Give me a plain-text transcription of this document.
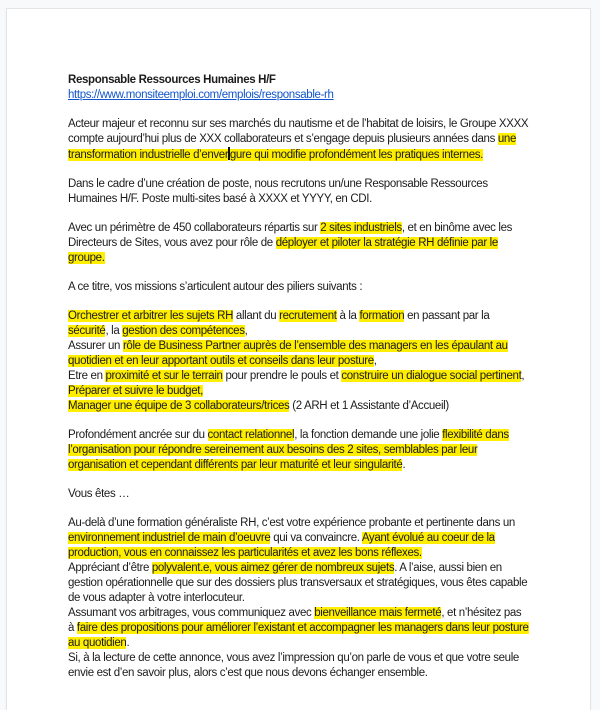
Responsable Ressources Humaines H/F

https://www.monsiteemploi.com/emplois/responsable-rh

Acteur majeur et reconnu sur ses marchés du nautisme et de l’habitat de loisirs, le Groupe XXXX compte aujourd’hui plus de XXX collaborateurs et s’engage depuis plusieurs années dans une transformation industrielle d’enver gure qui modifie profondément les pratiques internes.

Dans le cadre d’une création de poste, nous recrutons un/une Responsable Ressources Humaines H/F. Poste multi-sites basé à XXXX et YYYY, en CDI.

Avec un périmètre de 450 collaborateurs répartis sur 2 sites industriels, et en binôme avec les Directeurs de Sites, vous avez pour rôle de déployer et piloter la stratégie RH définie par le groupe.

A ce titre, vos missions s’articulent autour des piliers suivants :

Orchestrer et arbitrer les sujets RH allant du recrutement à la formation en passant par la sécurité, la gestion des compétences,
Assurer un rôle de Business Partner auprès de l’ensemble des managers en les épaulant au quotidien et en leur apportant outils et conseils dans leur posture,
Etre en proximité et sur le terrain pour prendre le pouls et construire un dialogue social pertinent,
Préparer et suivre le budget,
Manager une équipe de 3 collaborateurs/trices (2 ARH et 1 Assistante d’Accueil)

Profondément ancrée sur du contact relationnel, la fonction demande une jolie flexibilité dans l’organisation pour répondre sereinement aux besoins des 2 sites, semblables par leur organisation et cependant différents par leur maturité et leur singularité.

Vous êtes …

Au-delà d’une formation généraliste RH, c’est votre expérience probante et pertinente dans un environnement industriel de main d’oeuvre qui va convaincre. Ayant évolué au coeur de la production, vous en connaissez les particularités et avez les bons réflexes.
Appréciant d’être polyvalent.e, vous aimez gérer de nombreux sujets. A l’aise, aussi bien en gestion opérationnelle que sur des dossiers plus transversaux et stratégiques, vous êtes capable de vous adapter à votre interlocuteur.
Assumant vos arbitrages, vous communiquez avec bienveillance mais fermeté, et n’hésitez pas à faire des propositions pour améliorer l’existant et accompagner les managers dans leur posture au quotidien.
Si, à la lecture de cette annonce, vous avez l’impression qu’on parle de vous et que votre seule envie est d’en savoir plus, alors c’est que nous devons échanger ensemble.
